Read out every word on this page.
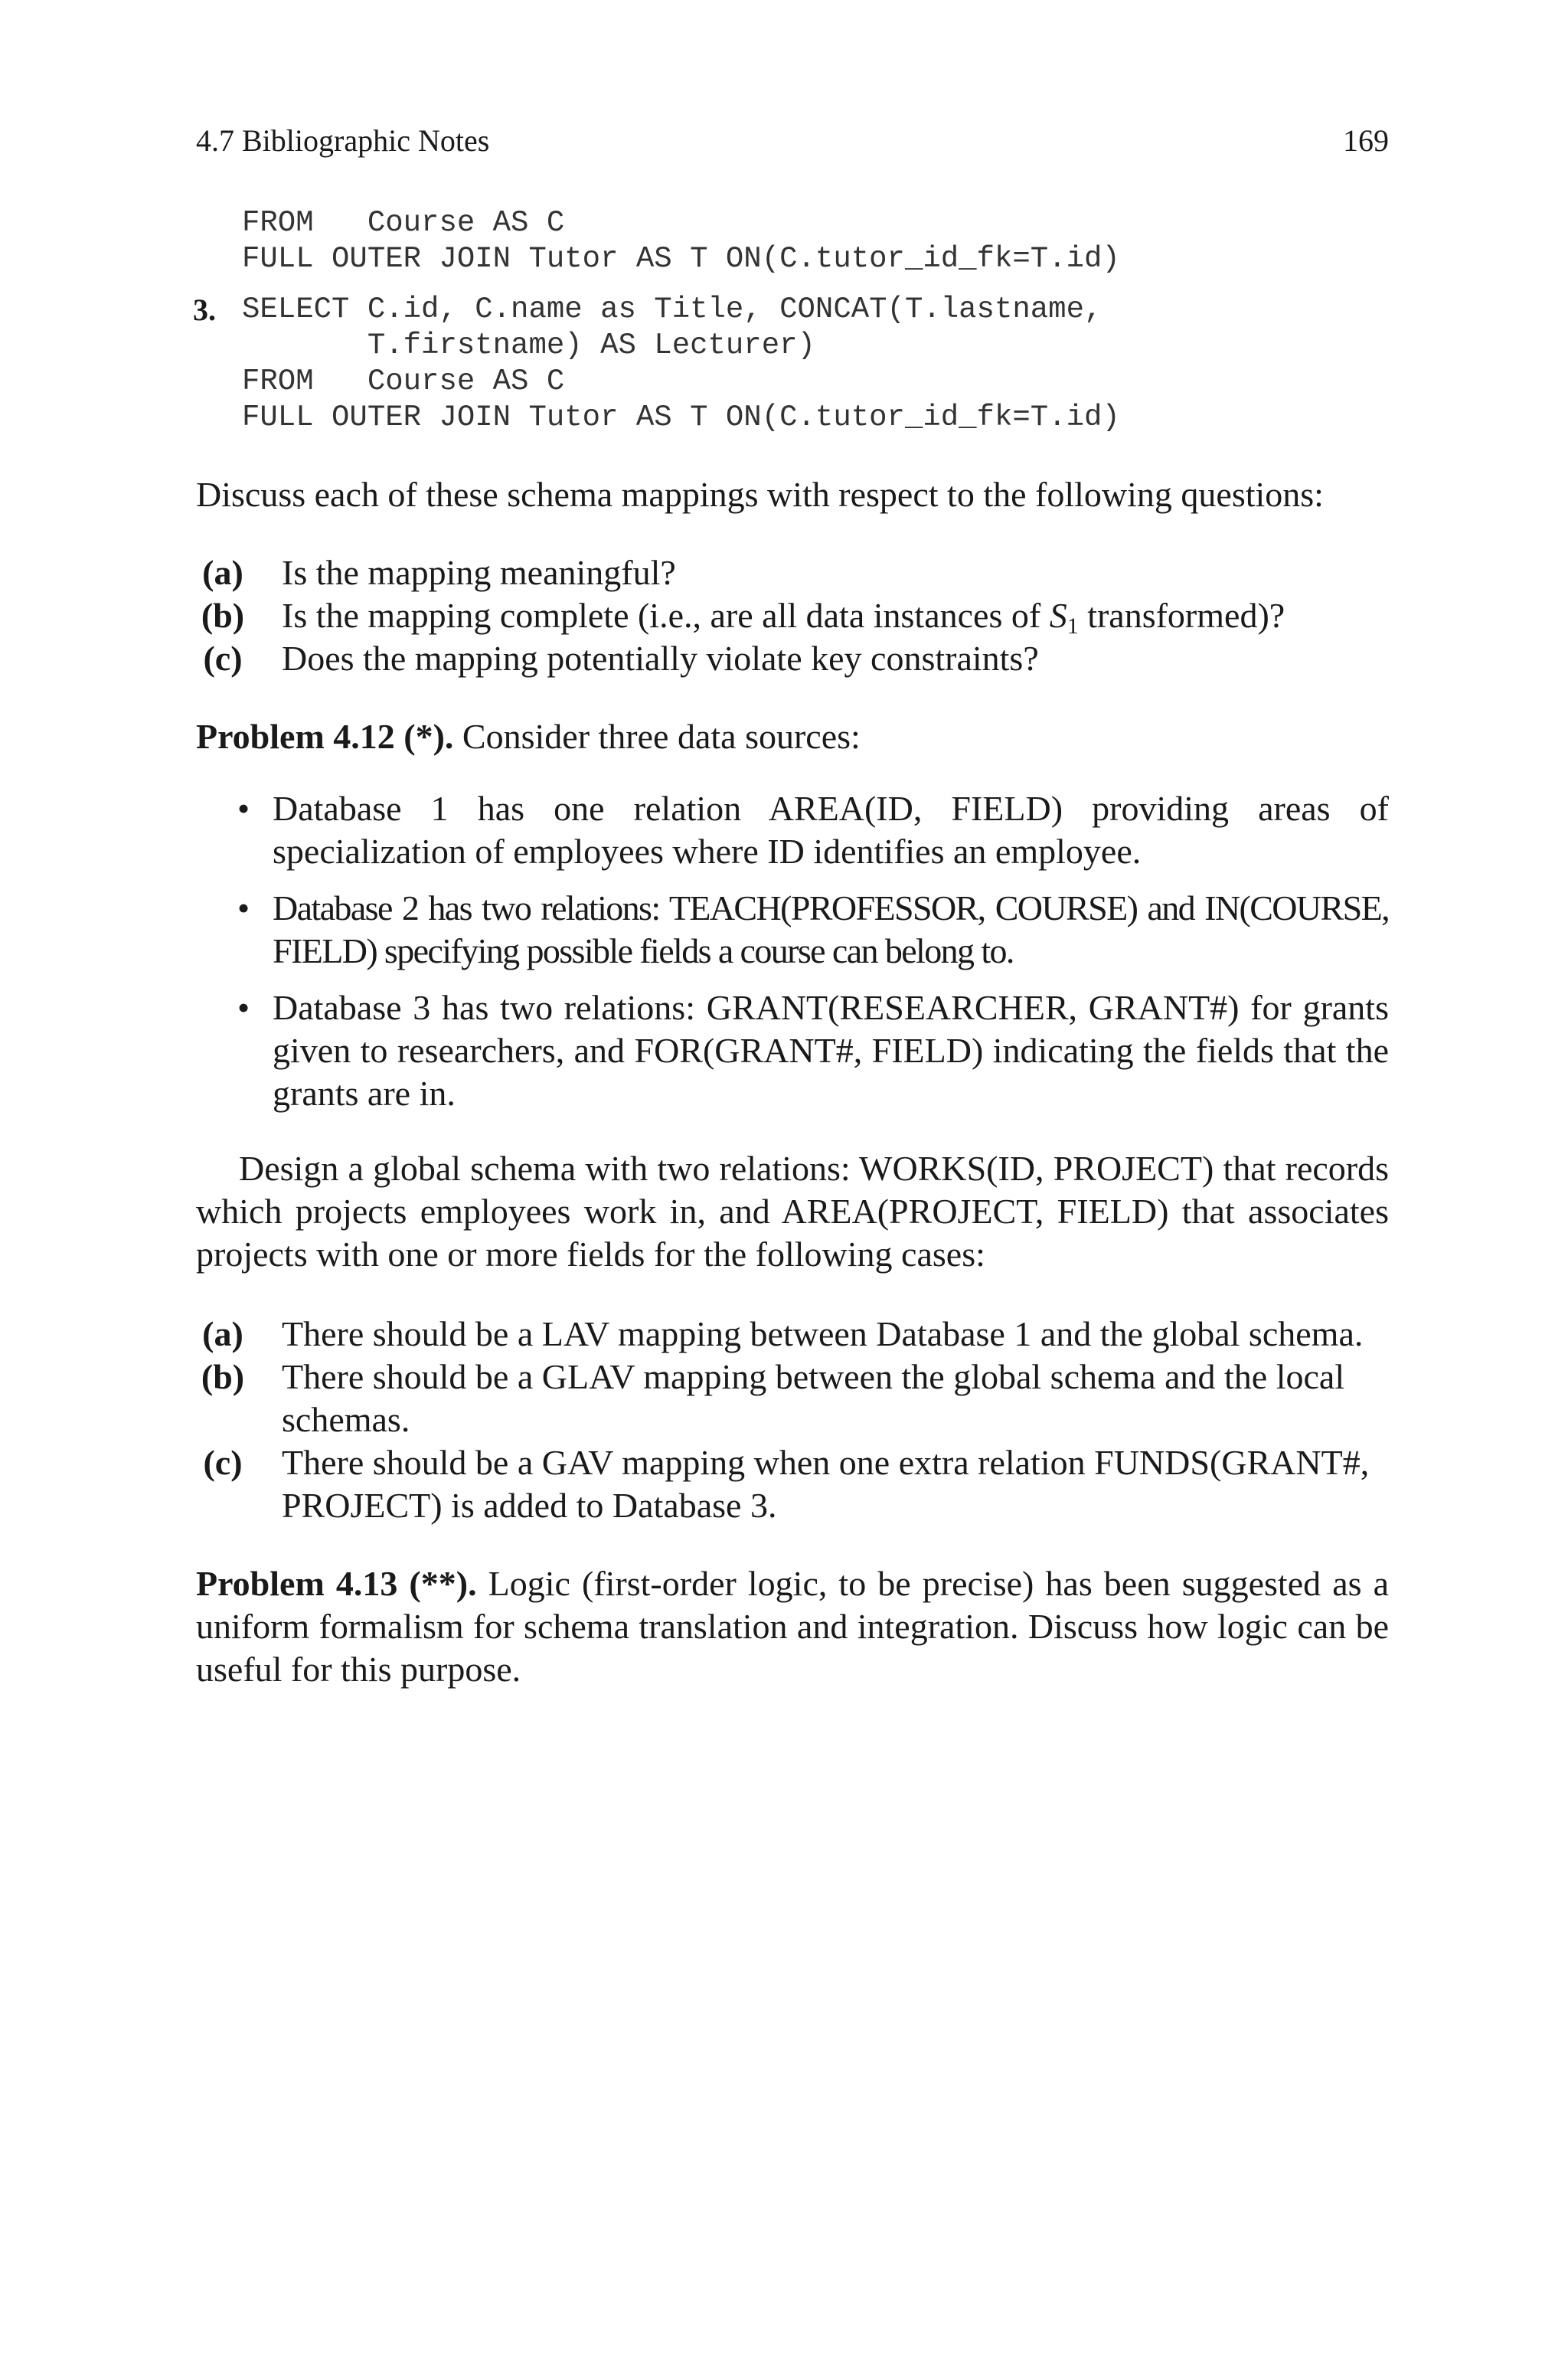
4.7 Bibliographic Notes	169
FROM   Course AS C
FULL OUTER JOIN Tutor AS T ON(C.tutor_id_fk=T.id)
3. SELECT C.id, C.name as Title, CONCAT(T.lastname,
T.firstname) AS Lecturer)
FROM   Course AS C
FULL OUTER JOIN Tutor AS T ON(C.tutor_id_fk=T.id)
Discuss each of these schema mappings with respect to the following questions:
(a) Is the mapping meaningful?
(b) Is the mapping complete (i.e., are all data instances of $S_1$ transformed)?
(c) Does the mapping potentially violate key constraints?
Problem 4.12 (*). Consider three data sources:
• Database 1 has one relation AREA(ID, FIELD) providing areas of specialization of employees where ID identifies an employee.
• Database 2 has two relations: TEACH(PROFESSOR, COURSE) and IN(COURSE, FIELD) specifying possible fields a course can belong to.
• Database 3 has two relations: GRANT(RESEARCHER, GRANT#) for grants given to researchers, and FOR(GRANT#, FIELD) indicating the fields that the grants are in.
Design a global schema with two relations: WORKS(ID, PROJECT) that records which projects employees work in, and AREA(PROJECT, FIELD) that associates projects with one or more fields for the following cases:
(a) There should be a LAV mapping between Database 1 and the global schema.
(b) There should be a GLAV mapping between the global schema and the local schemas.
(c) There should be a GAV mapping when one extra relation FUNDS(GRANT#, PROJECT) is added to Database 3.
Problem 4.13 (**). Logic (first-order logic, to be precise) has been suggested as a uniform formalism for schema translation and integration. Discuss how logic can be useful for this purpose.
